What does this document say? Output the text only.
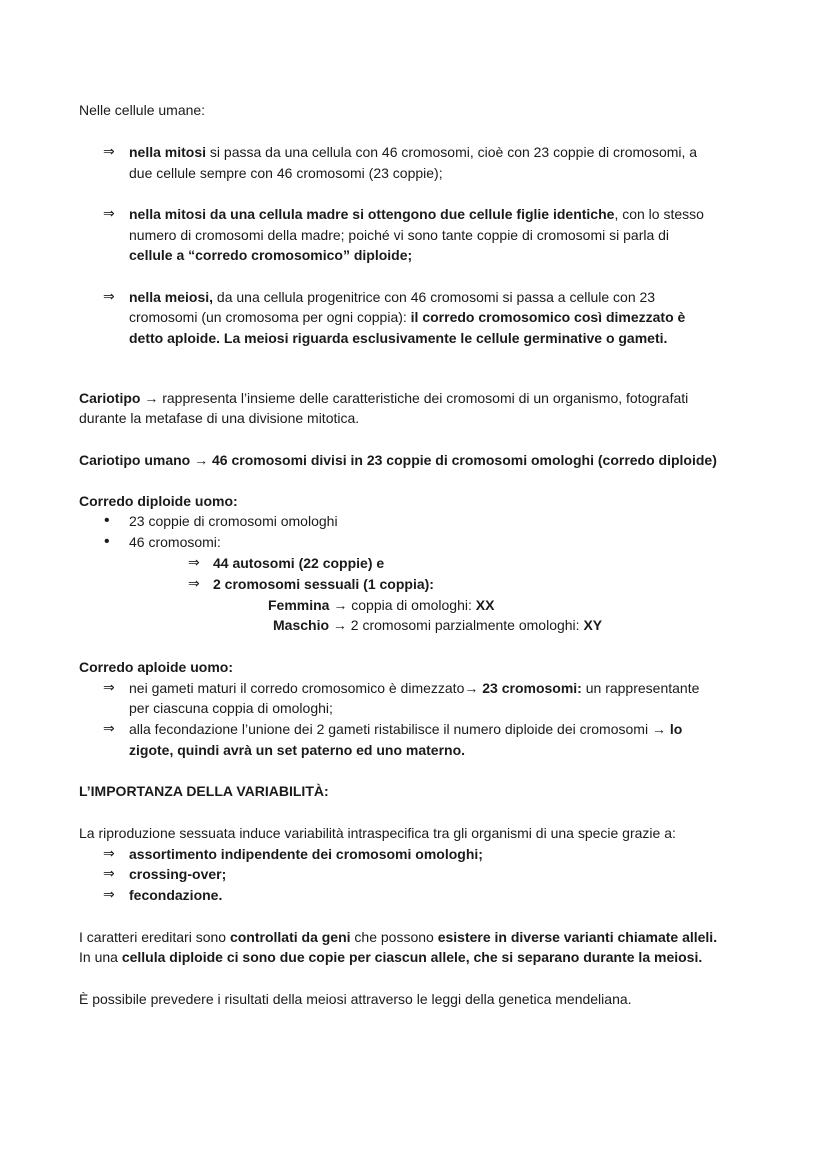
Nelle cellule umane:
⇒ nella mitosi si passa da una cellula con 46 cromosomi, cioè con 23 coppie di cromosomi, a
due cellule sempre con 46 cromosomi (23 coppie);
⇒ nella mitosi da una cellula madre si ottengono due cellule figlie identiche, con lo stesso
numero di cromosomi della madre; poiché vi sono tante coppie di cromosomi si parla di
cellule a “corredo cromosomico” diploide;
⇒ nella meiosi, da una cellula progenitrice con 46 cromosomi si passa a cellule con 23
cromosomi (un cromosoma per ogni coppia): il corredo cromosomico così dimezzato è
detto aploide. La meiosi riguarda esclusivamente le cellule germinative o gameti.
Cariotipo → rappresenta l’insieme delle caratteristiche dei cromosomi di un organismo, fotografati
durante la metafase di una divisione mitotica.
Cariotipo umano → 46 cromosomi divisi in 23 coppie di cromosomi omologhi (corredo diploide)
Corredo diploide uomo:
• 23 coppie di cromosomi omologhi
• 46 cromosomi:
⇒ 44 autosomi (22 coppie) e
⇒ 2 cromosomi sessuali (1 coppia):
Femmina → coppia di omologhi: XX
Maschio → 2 cromosomi parzialmente omologhi: XY
Corredo aploide uomo:
⇒ nei gameti maturi il corredo cromosomico è dimezzato→ 23 cromosomi: un rappresentante
per ciascuna coppia di omologhi;
⇒ alla fecondazione l’unione dei 2 gameti ristabilisce il numero diploide dei cromosomi → lo
zigote, quindi avrà un set paterno ed uno materno.
L’IMPORTANZA DELLA VARIABILITÀ:
La riproduzione sessuata induce variabilità intraspecifica tra gli organismi di una specie grazie a:
⇒ assortimento indipendente dei cromosomi omologhi;
⇒ crossing-over;
⇒ fecondazione.
I caratteri ereditari sono controllati da geni che possono esistere in diverse varianti chiamate alleli.
In una cellula diploide ci sono due copie per ciascun allele, che si separano durante la meiosi.
È possibile prevedere i risultati della meiosi attraverso le leggi della genetica mendeliana.
